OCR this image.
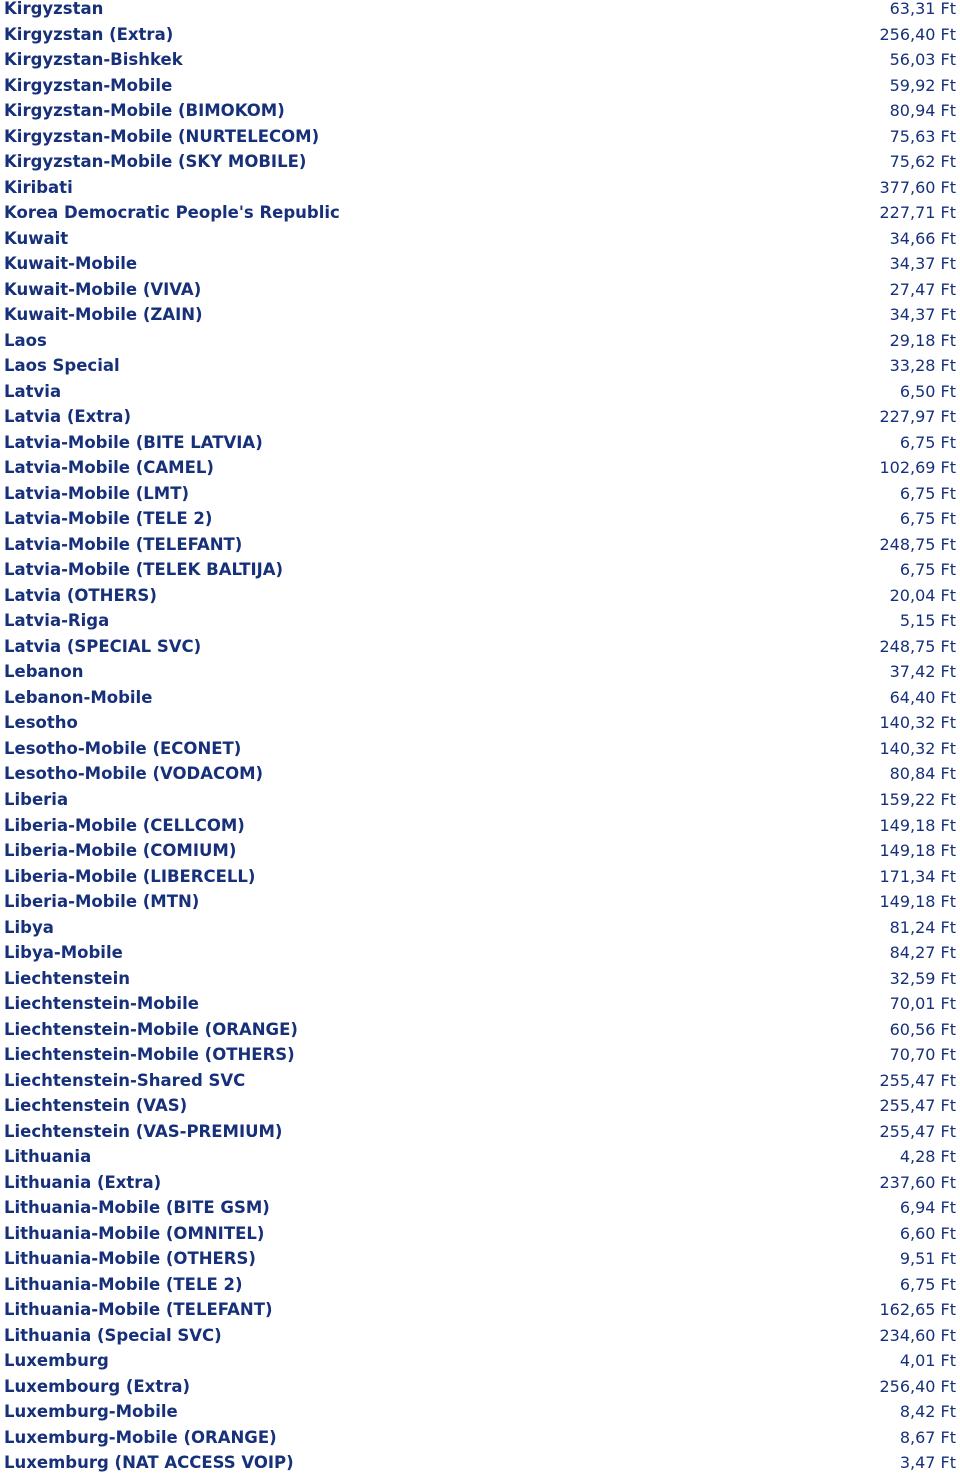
Kirgyzstan	63,31 Ft
Kirgyzstan (Extra)	256,40 Ft
Kirgyzstan-Bishkek	56,03 Ft
Kirgyzstan-Mobile	59,92 Ft
Kirgyzstan-Mobile (BIMOKOM)	80,94 Ft
Kirgyzstan-Mobile (NURTELECOM)	75,63 Ft
Kirgyzstan-Mobile (SKY MOBILE)	75,62 Ft
Kiribati	377,60 Ft
Korea Democratic People's Republic	227,71 Ft
Kuwait	34,66 Ft
Kuwait-Mobile	34,37 Ft
Kuwait-Mobile (VIVA)	27,47 Ft
Kuwait-Mobile (ZAIN)	34,37 Ft
Laos	29,18 Ft
Laos Special	33,28 Ft
Latvia	6,50 Ft
Latvia (Extra)	227,97 Ft
Latvia-Mobile (BITE LATVIA)	6,75 Ft
Latvia-Mobile (CAMEL)	102,69 Ft
Latvia-Mobile (LMT)	6,75 Ft
Latvia-Mobile (TELE 2)	6,75 Ft
Latvia-Mobile (TELEFANT)	248,75 Ft
Latvia-Mobile (TELEK BALTIJA)	6,75 Ft
Latvia (OTHERS)	20,04 Ft
Latvia-Riga	5,15 Ft
Latvia (SPECIAL SVC)	248,75 Ft
Lebanon	37,42 Ft
Lebanon-Mobile	64,40 Ft
Lesotho	140,32 Ft
Lesotho-Mobile (ECONET)	140,32 Ft
Lesotho-Mobile (VODACOM)	80,84 Ft
Liberia	159,22 Ft
Liberia-Mobile (CELLCOM)	149,18 Ft
Liberia-Mobile (COMIUM)	149,18 Ft
Liberia-Mobile (LIBERCELL)	171,34 Ft
Liberia-Mobile (MTN)	149,18 Ft
Libya	81,24 Ft
Libya-Mobile	84,27 Ft
Liechtenstein	32,59 Ft
Liechtenstein-Mobile	70,01 Ft
Liechtenstein-Mobile (ORANGE)	60,56 Ft
Liechtenstein-Mobile (OTHERS)	70,70 Ft
Liechtenstein-Shared SVC	255,47 Ft
Liechtenstein (VAS)	255,47 Ft
Liechtenstein (VAS-PREMIUM)	255,47 Ft
Lithuania	4,28 Ft
Lithuania (Extra)	237,60 Ft
Lithuania-Mobile (BITE GSM)	6,94 Ft
Lithuania-Mobile (OMNITEL)	6,60 Ft
Lithuania-Mobile (OTHERS)	9,51 Ft
Lithuania-Mobile (TELE 2)	6,75 Ft
Lithuania-Mobile (TELEFANT)	162,65 Ft
Lithuania (Special SVC)	234,60 Ft
Luxemburg	4,01 Ft
Luxembourg (Extra)	256,40 Ft
Luxemburg-Mobile	8,42 Ft
Luxemburg-Mobile (ORANGE)	8,67 Ft
Luxemburg (NAT ACCESS VOIP)	3,47 Ft
